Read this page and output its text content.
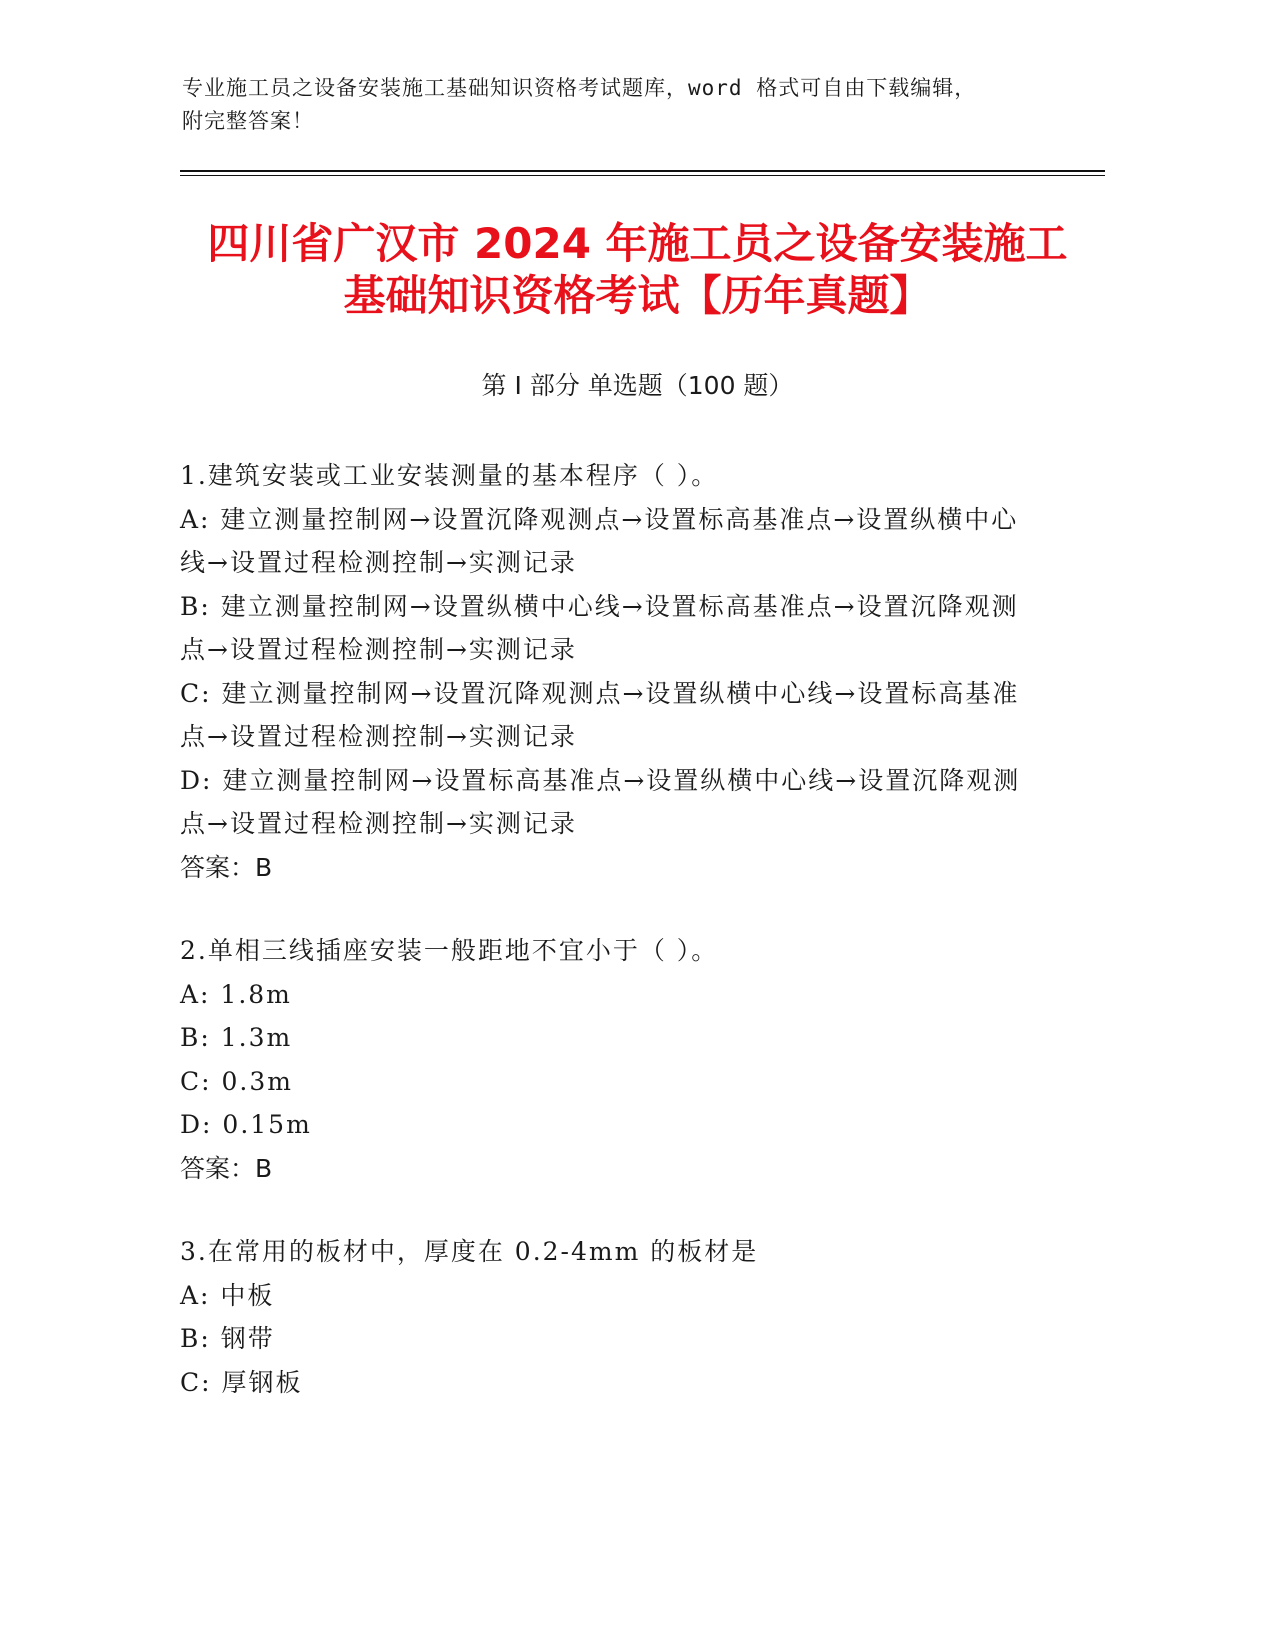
专业施工员之设备安装施工基础知识资格考试题库，word 格式可自由下载编辑，
附完整答案！
四川省广汉市 2024 年施工员之设备安装施工
基础知识资格考试【历年真题】
第 I 部分 单选题（100 题）

1.建筑安装或工业安装测量的基本程序（ ）。

A: 建立测量控制网→设置沉降观测点→设置标高基准点→设置纵横中心线→设置过程检测控制→实测记录

B: 建立测量控制网→设置纵横中心线→设置标高基准点→设置沉降观测点→设置过程检测控制→实测记录

C: 建立测量控制网→设置沉降观测点→设置纵横中心线→设置标高基准点→设置过程检测控制→实测记录

D: 建立测量控制网→设置标高基准点→设置纵横中心线→设置沉降观测点→设置过程检测控制→实测记录

答案：B

2.单相三线插座安装一般距地不宜小于（ ）。

A: 1.8m

B: 1.3m

C: 0.3m

D: 0.15m

答案：B

3.在常用的板材中，厚度在 0.2-4mm 的板材是

A: 中板

B: 钢带

C: 厚钢板
